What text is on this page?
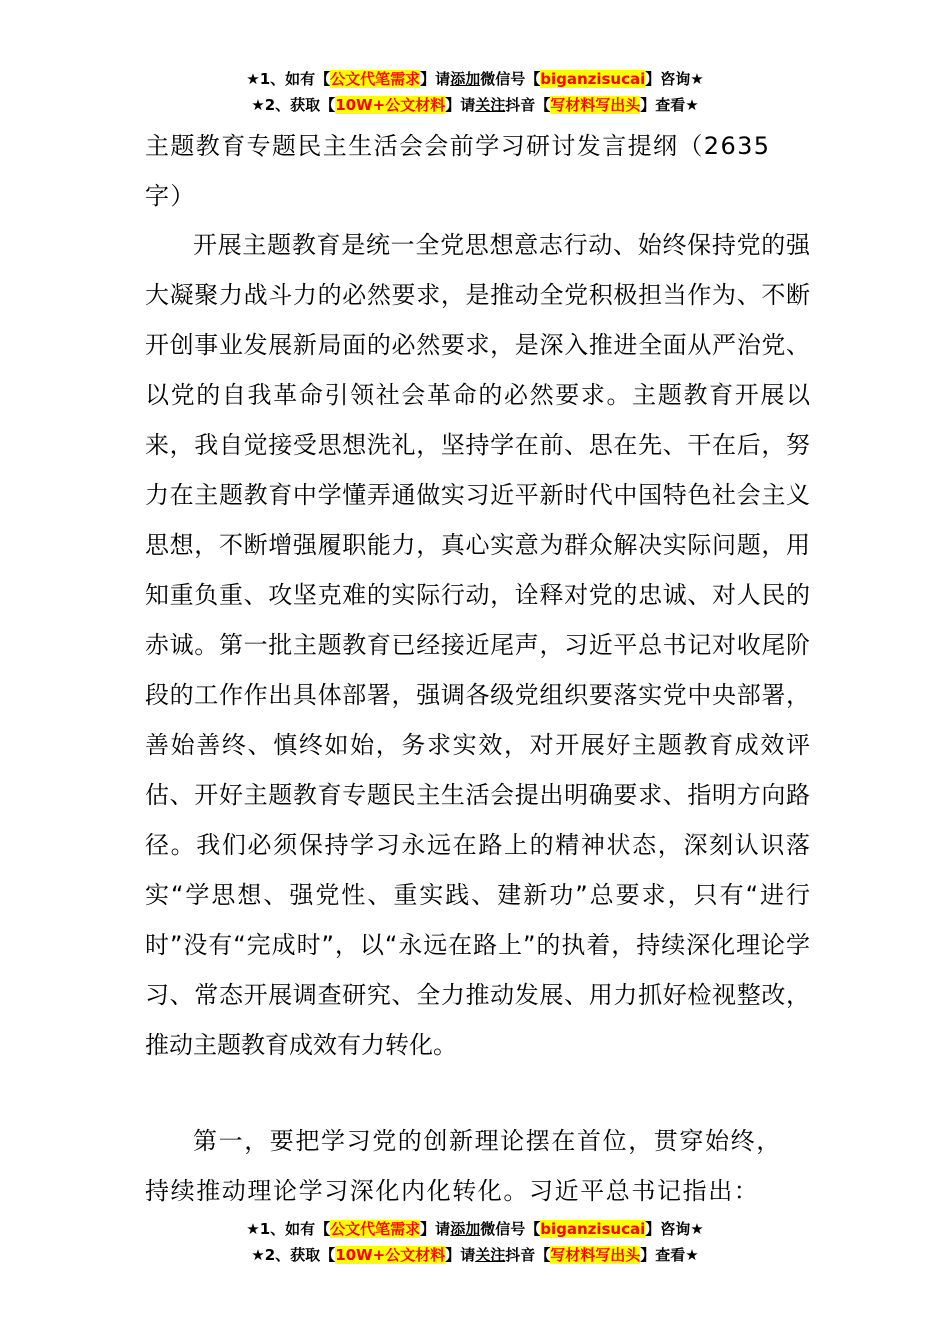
★1、如有【公文代笔需求】请添加微信号【biganzisucai】咨询★
★2、获取【10W+公文材料】请关注抖音【写材料写出头】查看★
主题教育专题民主生活会会前学习研讨发言提纲（2635
字）

开展主题教育是统一全党思想意志行动、始终保持党的强大凝聚力战斗力的必然要求，是推动全党积极担当作为、不断开创事业发展新局面的必然要求，是深入推进全面从严治党、以党的自我革命引领社会革命的必然要求。主题教育开展以来，我自觉接受思想洗礼，坚持学在前、思在先、干在后，努力在主题教育中学懂弄通做实习近平新时代中国特色社会主义思想，不断增强履职能力，真心实意为群众解决实际问题，用知重负重、攻坚克难的实际行动，诠释对党的忠诚、对人民的赤诚。第一批主题教育已经接近尾声，习近平总书记对收尾阶段的工作作出具体部署，强调各级党组织要落实党中央部署，善始善终、慎终如始，务求实效，对开展好主题教育成效评估、开好主题教育专题民主生活会提出明确要求、指明方向路径。我们必须保持学习永远在路上的精神状态，深刻认识落实“学思想、强党性、重实践、建新功”总要求，只有“进行时”没有“完成时”，以“永远在路上”的执着，持续深化理论学习、常态开展调查研究、全力推动发展、用力抓好检视整改，推动主题教育成效有力转化。

第一，要把学习党的创新理论摆在首位，贯穿始终，
持续推动理论学习深化内化转化。习近平总书记指出：
★1、如有【公文代笔需求】请添加微信号【biganzisucai】咨询★
★2、获取【10W+公文材料】请关注抖音【写材料写出头】查看★
